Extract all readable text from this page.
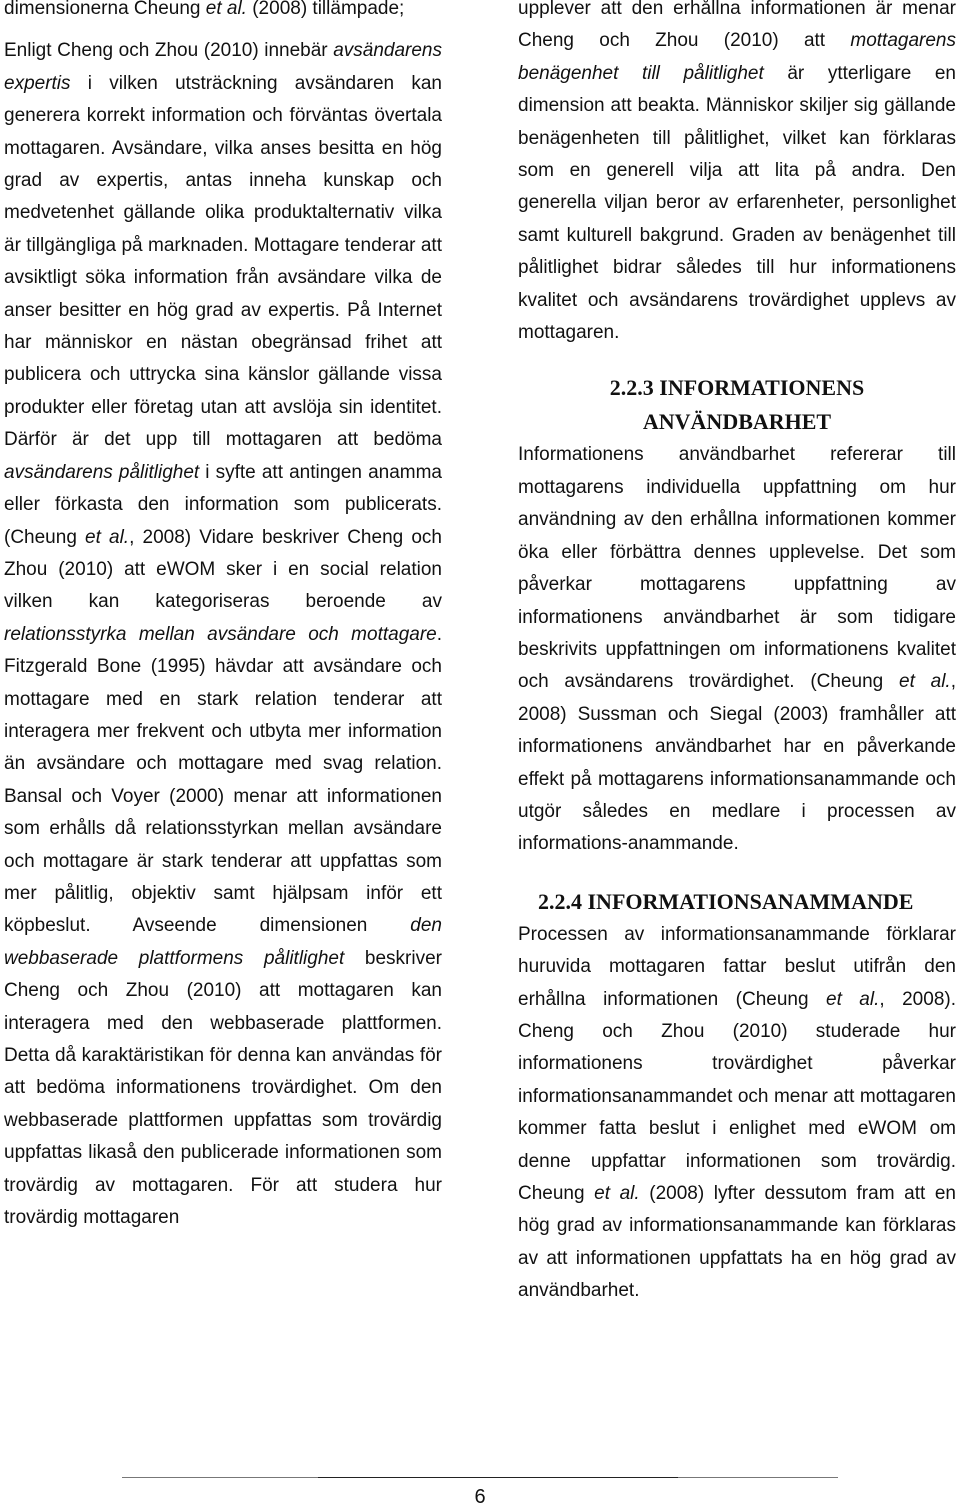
dimensionerna Cheung et al. (2008) tillämpade;

Enligt Cheng och Zhou (2010) innebär avsändarens expertis i vilken utsträckning avsändaren kan generera korrekt information och förväntas övertala mottagaren. Avsändare, vilka anses besitta en hög grad av expertis, antas inneha kunskap och medvetenhet gällande olika produktalternativ vilka är tillgängliga på marknaden. Mottagare tenderar att avsiktligt söka information från avsändare vilka de anser besitter en hög grad av expertis. På Internet har människor en nästan obegränsad frihet att publicera och uttrycka sina känslor gällande vissa produkter eller företag utan att avslöja sin identitet. Därför är det upp till mottagaren att bedöma avsändarens pålitlighet i syfte att antingen anamma eller förkasta den information som publicerats. (Cheung et al., 2008) Vidare beskriver Cheng och Zhou (2010) att eWOM sker i en social relation vilken kan kategoriseras beroende av relationsstyrka mellan avsändare och mottagare. Fitzgerald Bone (1995) hävdar att avsändare och mottagare med en stark relation tenderar att interagera mer frekvent och utbyta mer information än avsändare och mottagare med svag relation. Bansal och Voyer (2000) menar att informationen som erhålls då relationsstyrkan mellan avsändare och mottagare är stark tenderar att uppfattas som mer pålitlig, objektiv samt hjälpsam inför ett köpbeslut. Avseende dimensionen den webbaserade plattformens pålitlighet beskriver Cheng och Zhou (2010) att mottagaren kan interagera med den webbaserade plattformen. Detta då karaktäristikan för denna kan användas för att bedöma informationens trovärdighet. Om den webbaserade plattformen uppfattas som trovärdig uppfattas likaså den publicerade informationen som trovärdig av mottagaren. För att studera hur trovärdig mottagaren

upplever att den erhållna informationen är menar Cheng och Zhou (2010) att mottagarens benägenhet till pålitlighet är ytterligare en dimension att beakta. Människor skiljer sig gällande benägenheten till pålitlighet, vilket kan förklaras som en generell vilja att lita på andra. Den generella viljan beror av erfarenheter, personlighet samt kulturell bakgrund. Graden av benägenhet till pålitlighet bidrar således till hur informationens kvalitet och avsändarens trovärdighet upplevs av mottagaren.

2.2.3 INFORMATIONENS ANVÄNDBARHET

Informationens användbarhet refererar till mottagarens individuella uppfattning om hur användning av den erhållna informationen kommer öka eller förbättra dennes upplevelse. Det som påverkar mottagarens uppfattning av informationens användbarhet är som tidigare beskrivits uppfattningen om informationens kvalitet och avsändarens trovärdighet. (Cheung et al., 2008) Sussman och Siegal (2003) framhåller att informationens användbarhet har en påverkande effekt på mottagarens informationsanammande och utgör således en medlare i processen av informations-anammande.

2.2.4 INFORMATIONSANAMMANDE

Processen av informationsanammande förklarar huruvida mottagaren fattar beslut utifrån den erhållna informationen (Cheung et al., 2008). Cheng och Zhou (2010) studerade hur informationens trovärdighet påverkar informationsanammandet och menar att mottagaren kommer fatta beslut i enlighet med eWOM om denne uppfattar informationen som trovärdig. Cheung et al. (2008) lyfter dessutom fram att en hög grad av informationsanammande kan förklaras av att informationen uppfattats ha en hög grad av användbarhet.

6
